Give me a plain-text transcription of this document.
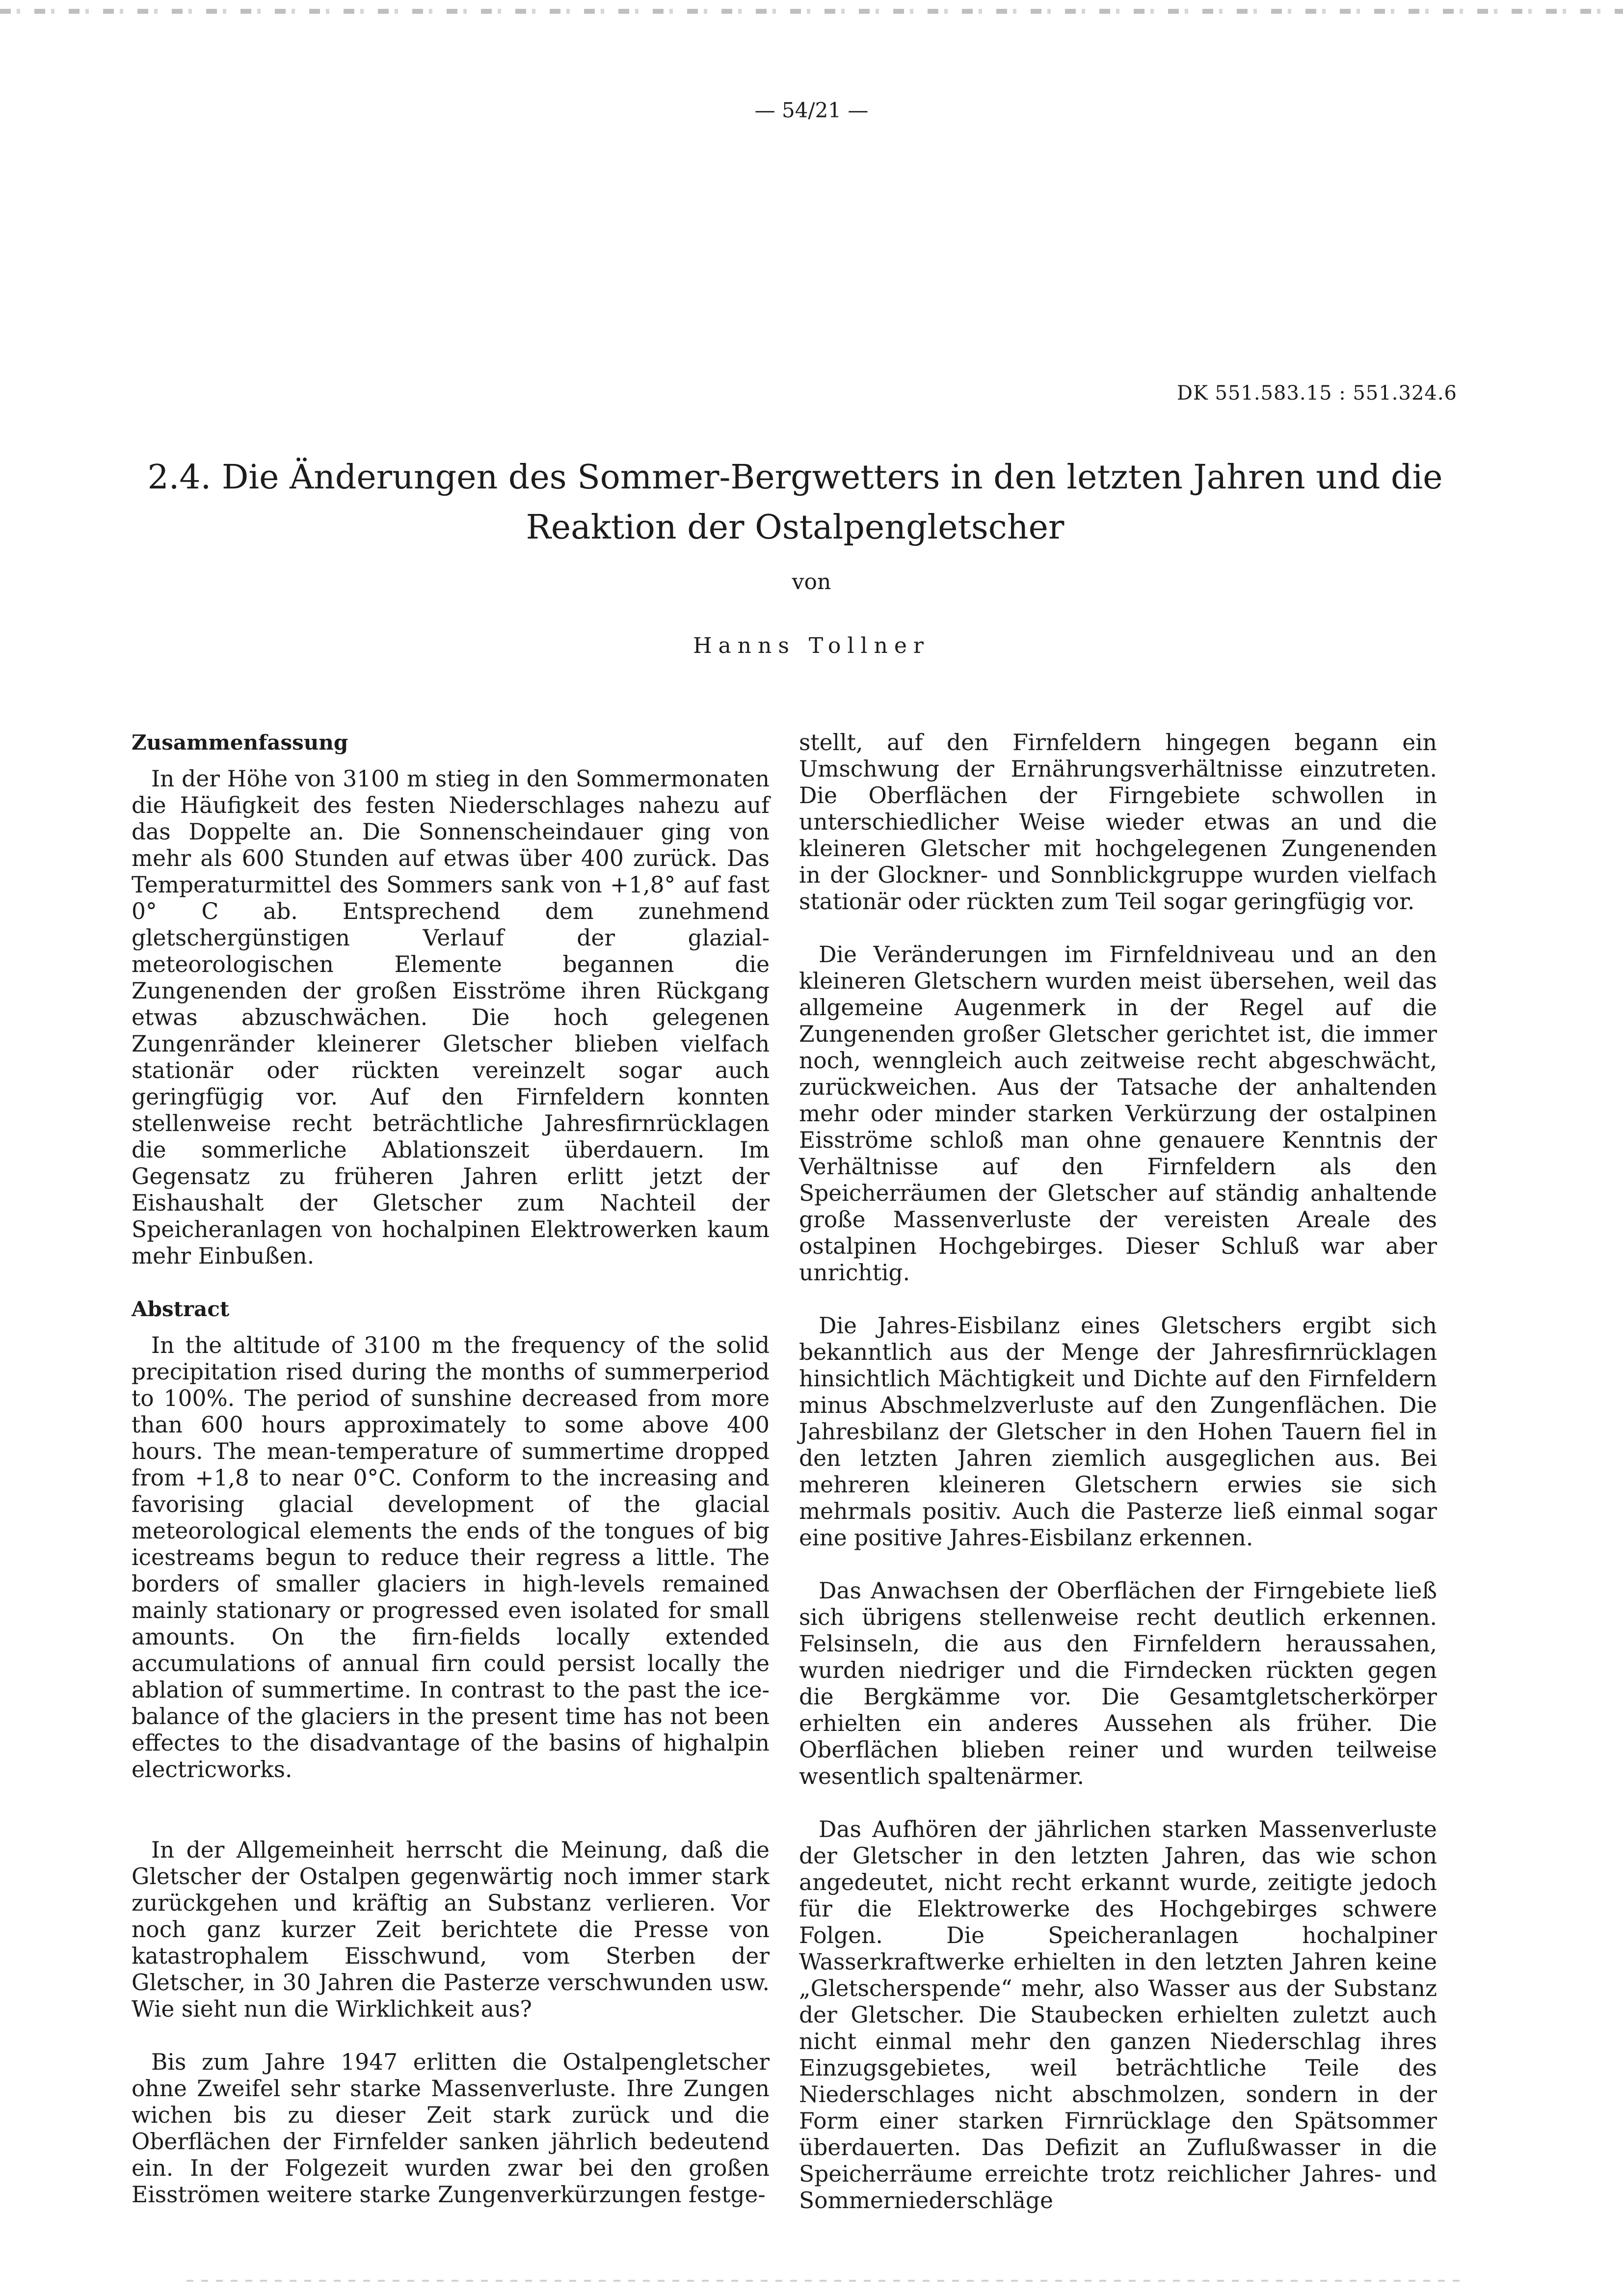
— 54/21 —
DK 551.583.15 : 551.324.6
2.4. Die Änderungen des Sommer-Bergwetters in den letzten Jahren und die
Reaktion der Ostalpengletscher
von
Hanns Tollner
Zusammenfassung

In der Höhe von 3100 m stieg in den Sommermonaten die Häufigkeit des festen Niederschlages nahezu auf das Doppelte an. Die Sonnenscheindauer ging von mehr als 600 Stunden auf etwas über 400 zurück. Das Temperaturmittel des Sommers sank von +1,8° auf fast 0° C ab. Entsprechend dem zunehmend gletschergünstigen Verlauf der glazial-meteorologischen Elemente begannen die Zungenenden der großen Eisströme ihren Rückgang etwas abzuschwächen. Die hoch gelegenen Zungenränder kleinerer Gletscher blieben vielfach stationär oder rückten vereinzelt sogar auch geringfügig vor. Auf den Firnfeldern konnten stellenweise recht beträchtliche Jahresfirnrücklagen die sommerliche Ablationszeit überdauern. Im Gegensatz zu früheren Jahren erlitt jetzt der Eishaushalt der Gletscher zum Nachteil der Speicheranlagen von hochalpinen Elektrowerken kaum mehr Einbußen.

Abstract

In the altitude of 3100 m the frequency of the solid precipitation rised during the months of summerperiod to 100%. The period of sunshine decreased from more than 600 hours approximately to some above 400 hours. The mean-temperature of summertime dropped from +1,8 to near 0°C. Conform to the increasing and favorising glacial development of the glacial meteorological elements the ends of the tongues of big icestreams begun to reduce their regress a little. The borders of smaller glaciers in high-levels remained mainly stationary or progressed even isolated for small amounts. On the firn-fields locally extended accumulations of annual firn could persist locally the ablation of summertime. In contrast to the past the ice-balance of the glaciers in the present time has not been effectes to the disadvantage of the basins of highalpin electricworks.

In der Allgemeinheit herrscht die Meinung, daß die Gletscher der Ostalpen gegenwärtig noch immer stark zurückgehen und kräftig an Substanz verlieren. Vor noch ganz kurzer Zeit berichtete die Presse von katastrophalem Eisschwund, vom Sterben der Gletscher, in 30 Jahren die Pasterze verschwunden usw. Wie sieht nun die Wirklichkeit aus?

Bis zum Jahre 1947 erlitten die Ostalpengletscher ohne Zweifel sehr starke Massenverluste. Ihre Zungen wichen bis zu dieser Zeit stark zurück und die Oberflächen der Firnfelder sanken jährlich bedeutend ein. In der Folgezeit wurden zwar bei den großen Eisströmen weitere starke Zungenverkürzungen festge-

stellt, auf den Firnfeldern hingegen begann ein Umschwung der Ernährungsverhältnisse einzutreten. Die Oberflächen der Firngebiete schwollen in unterschiedlicher Weise wieder etwas an und die kleineren Gletscher mit hochgelegenen Zungenenden in der Glockner- und Sonnblickgruppe wurden vielfach stationär oder rückten zum Teil sogar geringfügig vor.

Die Veränderungen im Firnfeldniveau und an den kleineren Gletschern wurden meist übersehen, weil das allgemeine Augenmerk in der Regel auf die Zungenenden großer Gletscher gerichtet ist, die immer noch, wenngleich auch zeitweise recht abgeschwächt, zurückweichen. Aus der Tatsache der anhaltenden mehr oder minder starken Verkürzung der ostalpinen Eisströme schloß man ohne genauere Kenntnis der Verhältnisse auf den Firnfeldern als den Speicherräumen der Gletscher auf ständig anhaltende große Massenverluste der vereisten Areale des ostalpinen Hochgebirges. Dieser Schluß war aber unrichtig.

Die Jahres-Eisbilanz eines Gletschers ergibt sich bekanntlich aus der Menge der Jahresfirnrücklagen hinsichtlich Mächtigkeit und Dichte auf den Firnfeldern minus Abschmelzverluste auf den Zungenflächen. Die Jahresbilanz der Gletscher in den Hohen Tauern fiel in den letzten Jahren ziemlich ausgeglichen aus. Bei mehreren kleineren Gletschern erwies sie sich mehrmals positiv. Auch die Pasterze ließ einmal sogar eine positive Jahres-Eisbilanz erkennen.

Das Anwachsen der Oberflächen der Firngebiete ließ sich übrigens stellenweise recht deutlich erkennen. Felsinseln, die aus den Firnfeldern heraussahen, wurden niedriger und die Firndecken rückten gegen die Bergkämme vor. Die Gesamtgletscherkörper erhielten ein anderes Aussehen als früher. Die Oberflächen blieben reiner und wurden teilweise wesentlich spaltenärmer.

Das Aufhören der jährlichen starken Massenverluste der Gletscher in den letzten Jahren, das wie schon angedeutet, nicht recht erkannt wurde, zeitigte jedoch für die Elektrowerke des Hochgebirges schwere Folgen. Die Speicheranlagen hochalpiner Wasserkraftwerke erhielten in den letzten Jahren keine „Gletscherspende“ mehr, also Wasser aus der Substanz der Gletscher. Die Staubecken erhielten zuletzt auch nicht einmal mehr den ganzen Niederschlag ihres Einzugsgebietes, weil beträchtliche Teile des Niederschlages nicht abschmolzen, sondern in der Form einer starken Firnrücklage den Spätsommer überdauerten. Das Defizit an Zuflußwasser in die Speicherräume erreichte trotz reichlicher Jahres- und Sommerniederschläge
